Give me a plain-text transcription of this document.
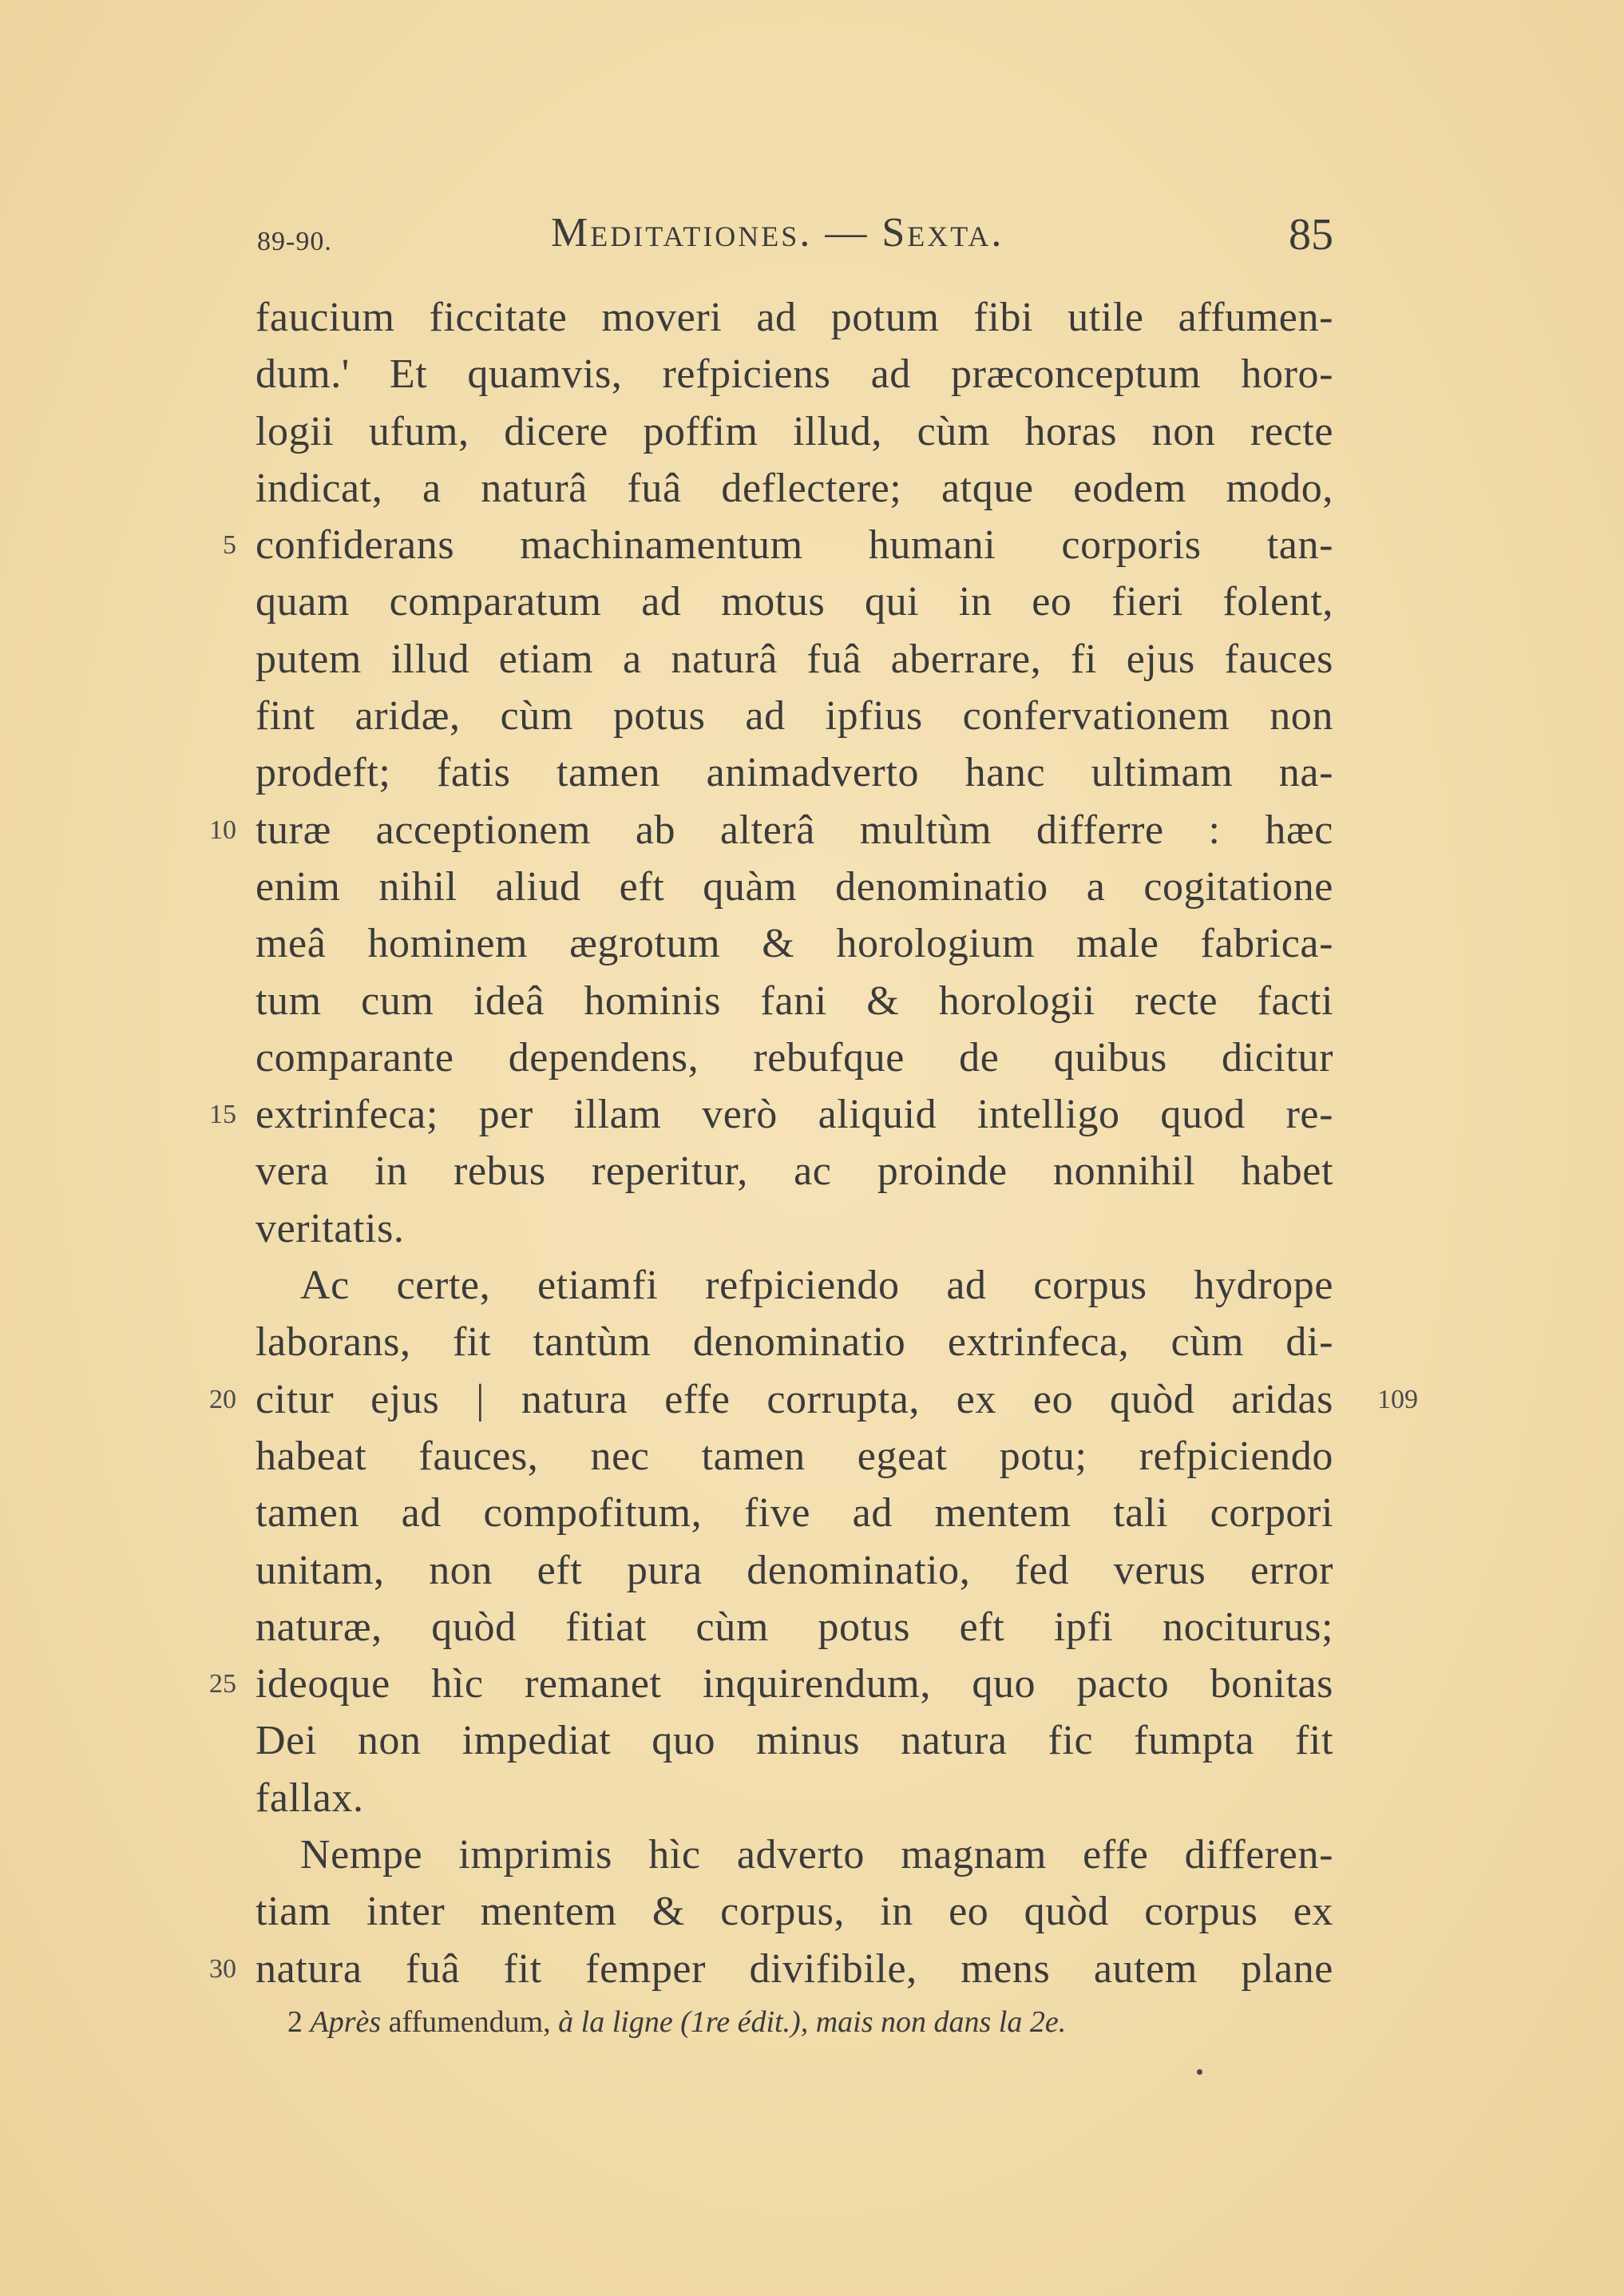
89-90.	Meditationes. — Sexta.	85
faucium ficcitate moveri ad potum fibi utile affumen-
dum.' Et quamvis, refpiciens ad præconceptum horo-
logii ufum, dicere poffim illud, cùm horas non recte
indicat, a naturâ fuâ deflectere; atque eodem modo,
confiderans machinamentum humani corporis tan-
5
quam comparatum ad motus qui in eo fieri folent,
putem illud etiam a naturâ fuâ aberrare, fi ejus fauces
fint aridæ, cùm potus ad ipfius confervationem non
prodeft; fatis tamen animadverto hanc ultimam na-
turæ acceptionem ab alterâ multùm differre : hæc
10
enim nihil aliud eft quàm denominatio a cogitatione
meâ hominem ægrotum & horologium male fabrica-
tum cum ideâ hominis fani & horologii recte facti
comparante dependens, rebufque de quibus dicitur
extrinfeca; per illam verò aliquid intelligo quod re-
15
vera in rebus reperitur, ac proinde nonnihil habet
veritatis.
Ac certe, etiamfi refpiciendo ad corpus hydrope
laborans, fit tantùm denominatio extrinfeca, cùm di-
citur ejus | natura effe corrupta, ex eo quòd aridas
20	109
habeat fauces, nec tamen egeat potu; refpiciendo
tamen ad compofitum, five ad mentem tali corpori
unitam, non eft pura denominatio, fed verus error
naturæ, quòd fitiat cùm potus eft ipfi nociturus;
ideoque hìc remanet inquirendum, quo pacto bonitas
25
Dei non impediat quo minus natura fic fumpta fit
fallax.
Nempe imprimis hìc adverto magnam effe differen-
tiam inter mentem & corpus, in eo quòd corpus ex
natura fuâ fit femper divifibile, mens autem plane
30
2 Après affumendum, à la ligne (1re édit.), mais non dans la 2e.
